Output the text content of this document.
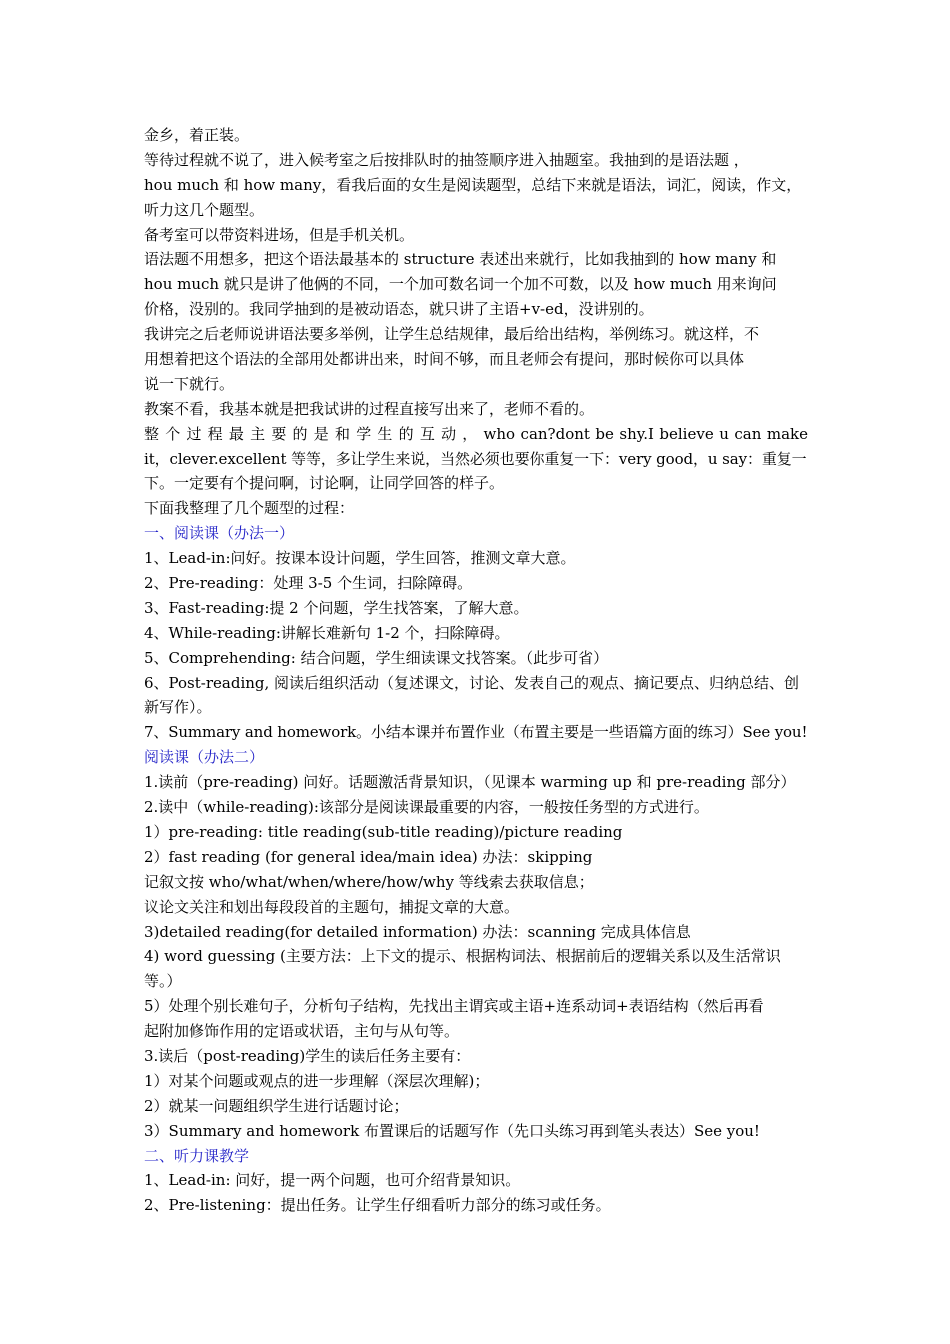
金乡，着正装。
等待过程就不说了，进入候考室之后按排队时的抽签顺序进入抽题室。我抽到的是语法题 ，
hou much 和 how many，看我后面的女生是阅读题型，总结下来就是语法，词汇，阅读，作文，
听力这几个题型。
备考室可以带资料进场，但是手机关机。
语法题不用想多，把这个语法最基本的 structure 表述出来就行，比如我抽到的 how many 和
hou much 就只是讲了他俩的不同，一个加可数名词一个加不可数，以及 how much 用来询问
价格，没别的。我同学抽到的是被动语态，就只讲了主语+v-ed，没讲别的。
我讲完之后老师说讲语法要多举例，让学生总结规律，最后给出结构，举例练习。就这样，不
用想着把这个语法的全部用处都讲出来，时间不够，而且老师会有提问，那时候你可以具体
说一下就行。
教案不看，我基本就是把我试讲的过程直接写出来了，老师不看的。
整 个 过 程 最 主 要 的 是 和 学 生 的 互 动 ， who can?dont be shy.I believe u can make
it，clever.excellent 等等，多让学生来说，当然必须也要你重复一下：very good，u say：重复一
下。一定要有个提问啊，讨论啊，让同学回答的样子。
下面我整理了几个题型的过程：
一、阅读课（办法一）
1、Lead-in:问好。按课本设计问题，学生回答，推测文章大意。
2、Pre-reading：处理 3-5 个生词，扫除障碍。
3、Fast-reading:提 2 个问题，学生找答案，了解大意。
4、While-reading:讲解长难新句 1-2 个，扫除障碍。
5、Comprehending: 结合问题，学生细读课文找答案。（此步可省）
6、Post-reading, 阅读后组织活动（复述课文，讨论、发表自己的观点、摘记要点、归纳总结、创
新写作）。
7、Summary and homework。小结本课并布置作业（布置主要是一些语篇方面的练习）See you!
阅读课（办法二）
1.读前（pre-reading) 问好。话题激活背景知识，（见课本 warming up 和 pre-reading 部分）
2.读中（while-reading):该部分是阅读课最重要的内容，一般按任务型的方式进行。
1）pre-reading: title reading(sub-title reading)/picture reading
2）fast reading (for general idea/main idea) 办法：skipping
记叙文按 who/what/when/where/how/why 等线索去获取信息；
议论文关注和划出每段段首的主题句，捕捉文章的大意。
3)detailed reading(for detailed information) 办法：scanning 完成具体信息
4) word guessing (主要方法：上下文的提示、根据构词法、根据前后的逻辑关系以及生活常识
等。）
5）处理个别长难句子，分析句子结构，先找出主谓宾或主语+连系动词+表语结构（然后再看
起附加修饰作用的定语或状语，主句与从句等。
3.读后（post-reading)学生的读后任务主要有：
1）对某个问题或观点的进一步理解（深层次理解)；
2）就某一问题组织学生进行话题讨论；
3）Summary and homework 布置课后的话题写作（先口头练习再到笔头表达）See you!
二、听力课教学
1、Lead-in: 问好，提一两个问题，也可介绍背景知识。
2、Pre-listening：提出任务。让学生仔细看听力部分的练习或任务。
